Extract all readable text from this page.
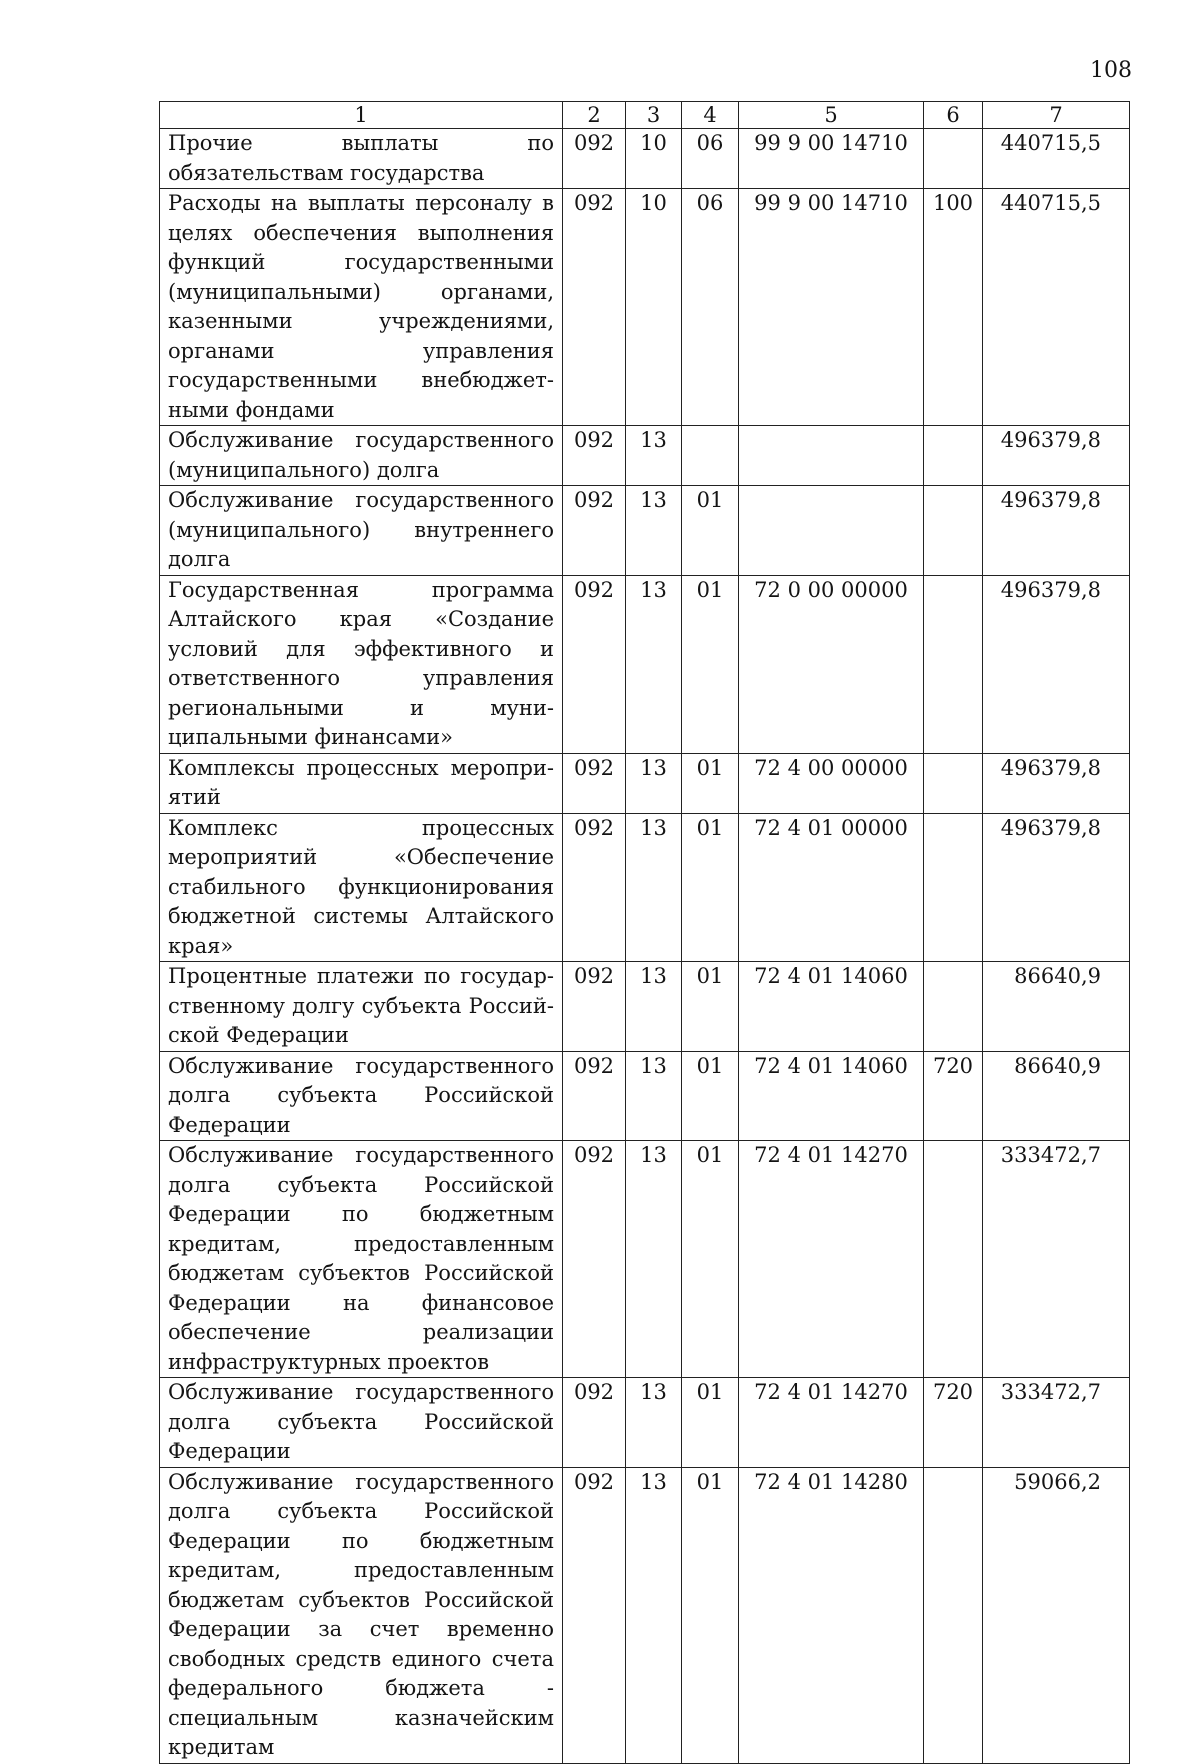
108
1	2	3	4	5	6	7
Прочие выплаты по обязательствам государства	092	10	06	99 9 00 14710		440715,5
Расходы на выплаты персоналу в целях обеспечения выполнения функций государственными (муниципальными) органами, казенными учреждениями, органами управления государственными внебюджетными фондами	092	10	06	99 9 00 14710	100	440715,5
Обслуживание государственного (муниципального) долга	092	13				496379,8
Обслуживание государственного (муниципального) внутреннего долга	092	13	01			496379,8
Государственная программа Алтайского края «Создание условий для эффективного и ответственного управления региональными и муниципальными финансами»	092	13	01	72 0 00 00000		496379,8
Комплексы процессных мероприятий	092	13	01	72 4 00 00000		496379,8
Комплекс процессных мероприятий «Обеспечение стабильного функционирования бюджетной системы Алтайского края»	092	13	01	72 4 01 00000		496379,8
Процентные платежи по государственному долгу субъекта Российской Федерации	092	13	01	72 4 01 14060		86640,9
Обслуживание государственного долга субъекта Российской Федерации	092	13	01	72 4 01 14060	720	86640,9
Обслуживание государственного долга субъекта Российской Федерации по бюджетным кредитам, предоставленным бюджетам субъектов Российской Федерации на финансовое обеспечение реализации инфраструктурных проектов	092	13	01	72 4 01 14270		333472,7
Обслуживание государственного долга субъекта Российской Федерации	092	13	01	72 4 01 14270	720	333472,7
Обслуживание государственного долга субъекта Российской Федерации по бюджетным кредитам, предоставленным бюджетам субъектов Российской Федерации за счет временно свободных средств единого счета федерального бюджета - специальным казначейским кредитам	092	13	01	72 4 01 14280		59066,2
